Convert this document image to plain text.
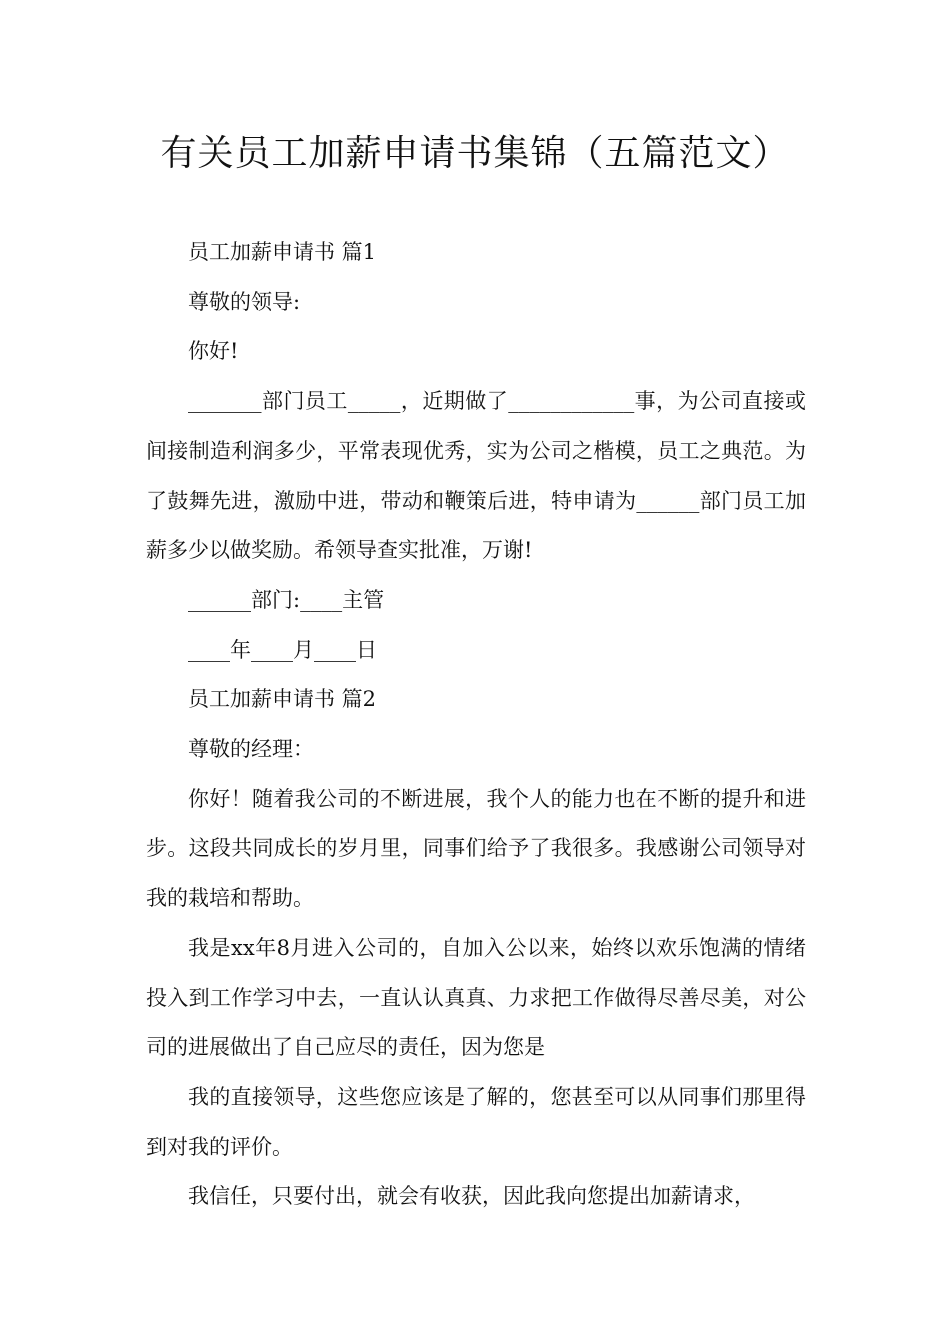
有关员工加薪申请书集锦（五篇范文）

员工加薪申请书 篇1

尊敬的领导:

你好!

_______部门员工_____，近期做了____________事，为公司直接或间接制造利润多少，平常表现优秀，实为公司之楷模，员工之典范。为了鼓舞先进，激励中进，带动和鞭策后进，特申请为______部门员工加薪多少以做奖励。希领导查实批准，万谢!

______部门:____主管

____年____月____日

员工加薪申请书 篇2

尊敬的经理：

你好！随着我公司的不断进展，我个人的能力也在不断的提升和进步。这段共同成长的岁月里，同事们给予了我很多。我感谢公司领导对我的栽培和帮助。

我是xx年8月进入公司的，自加入公以来，始终以欢乐饱满的情绪投入到工作学习中去，一直认认真真、力求把工作做得尽善尽美，对公司的进展做出了自己应尽的责任，因为您是

我的直接领导，这些您应该是了解的，您甚至可以从同事们那里得到对我的评价。

我信任，只要付出，就会有收获，因此我向您提出加薪请求，
